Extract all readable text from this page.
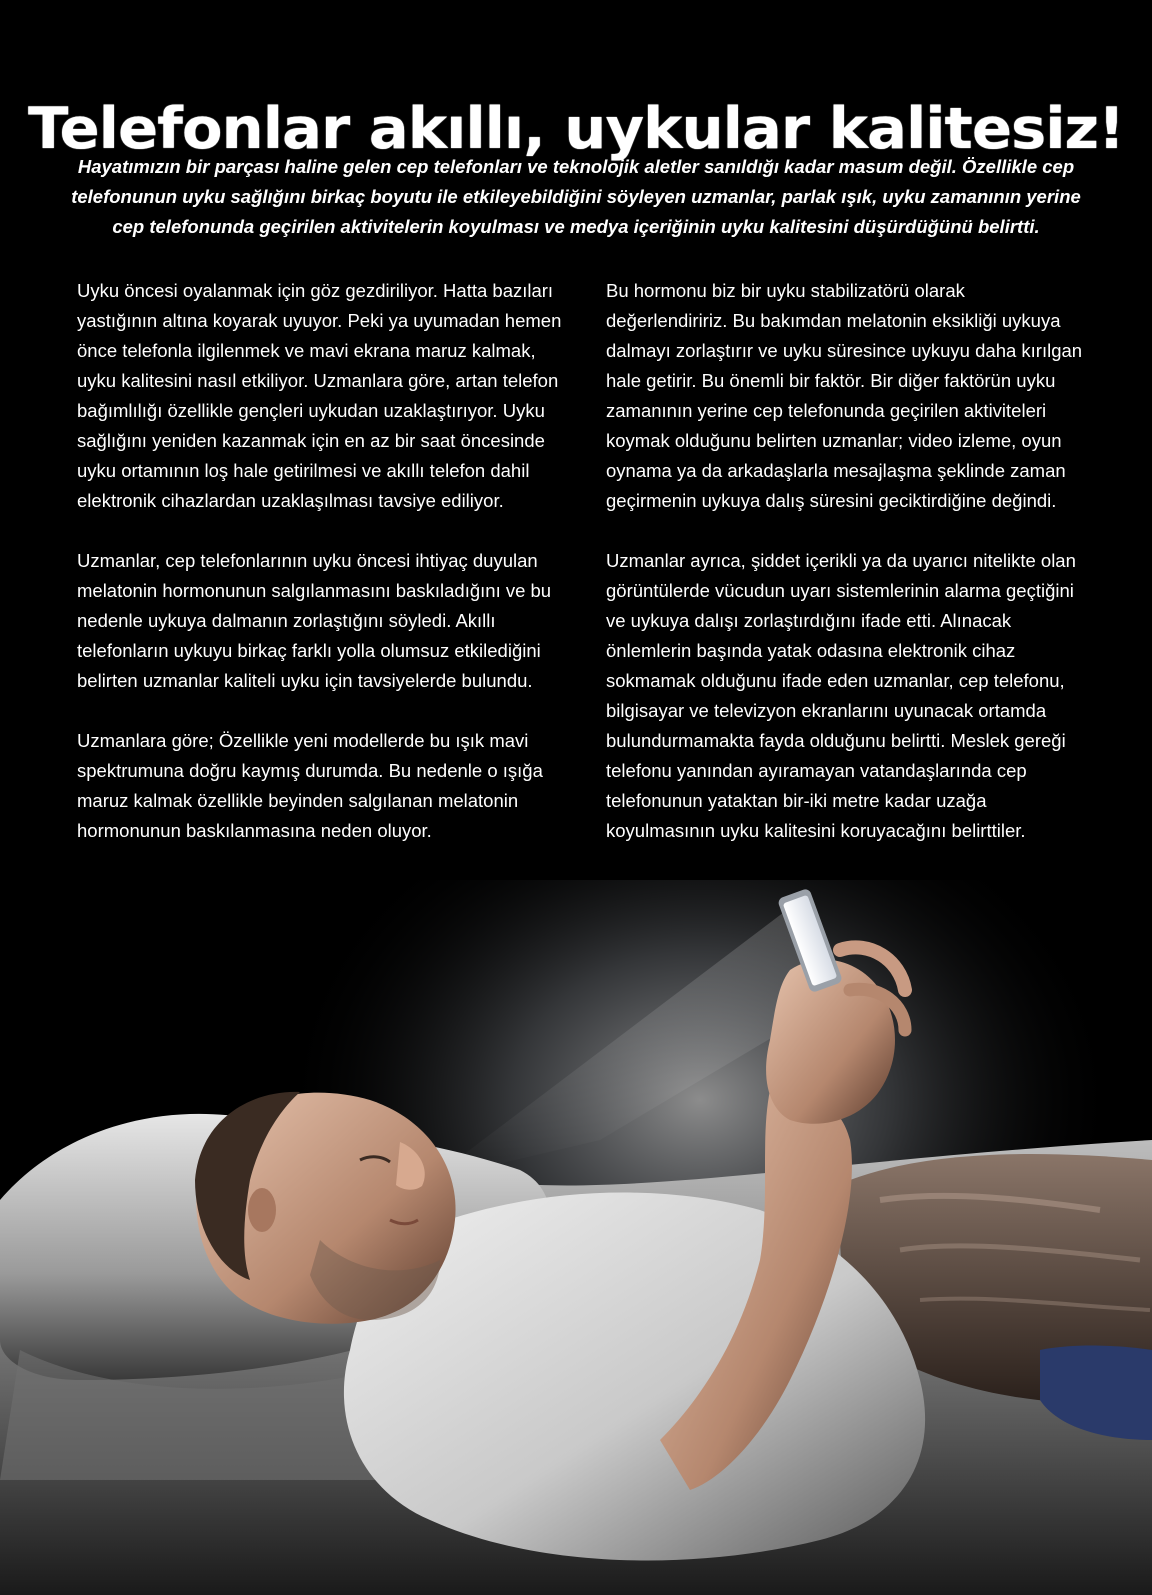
Telefonlar akıllı, uykular kalitesiz!
Hayatımızın bir parçası haline gelen cep telefonları ve teknolojik aletler sanıldığı kadar masum değil. Özellikle cep telefonunun uyku sağlığını birkaç boyutu ile etkileyebildiğini söyleyen uzmanlar, parlak ışık, uyku zamanının yerine cep telefonunda geçirilen aktivitelerin koyulması ve medya içeriğinin uyku kalitesini düşürdüğünü belirtti.

Uyku öncesi oyalanmak için göz gezdiriliyor. Hatta bazıları yastığının altına koyarak uyuyor. Peki ya uyumadan hemen önce telefonla ilgilenmek ve mavi ekrana maruz kalmak, uyku kalitesini nasıl etkiliyor. Uzmanlara göre, artan telefon bağımlılığı özellikle gençleri uykudan uzaklaştırıyor. Uyku sağlığını yeniden kazanmak için en az bir saat öncesinde uyku ortamının loş hale getirilmesi ve akıllı telefon dahil elektronik cihazlardan uzaklaşılması tavsiye ediliyor.

Uzmanlar, cep telefonlarının uyku öncesi ihtiyaç duyulan melatonin hormonunun salgılanmasını baskıladığını ve bu nedenle uykuya dalmanın zorlaştığını söyledi. Akıllı telefonların uykuyu birkaç farklı yolla olumsuz etkilediğini belirten uzmanlar kaliteli uyku için tavsiyelerde bulundu.

Uzmanlara göre; Özellikle yeni modellerde bu ışık mavi spektrumuna doğru kaymış durumda. Bu nedenle o ışığa maruz kalmak özellikle beyinden salgılanan melatonin hormonunun baskılanmasına neden oluyor.

Bu hormonu biz bir uyku stabilizatörü olarak değerlendiririz. Bu bakımdan melatonin eksikliği uykuya dalmayı zorlaştırır ve uyku süresince uykuyu daha kırılgan hale getirir. Bu önemli bir faktör. Bir diğer faktörün uyku zamanının yerine cep telefonunda geçirilen aktiviteleri koymak olduğunu belirten uzmanlar; video izleme, oyun oynama ya da arkadaşlarla mesajlaşma şeklinde zaman geçirmenin uykuya dalış süresini geciktirdiğine değindi.

Uzmanlar ayrıca, şiddet içerikli ya da uyarıcı nitelikte olan görüntülerde vücudun uyarı sistemlerinin alarma geçtiğini ve uykuya dalışı zorlaştırdığını ifade etti. Alınacak önlemlerin başında yatak odasına elektronik cihaz sokmamak olduğunu ifade eden uzmanlar, cep telefonu, bilgisayar ve televizyon ekranlarını uyunacak ortamda bulundurmamakta fayda olduğunu belirtti. Meslek gereği telefonu yanından ayıramayan vatandaşlarında cep telefonunun yataktan bir-iki metre kadar uzağa koyulmasının uyku kalitesini koruyacağını belirttiler.
